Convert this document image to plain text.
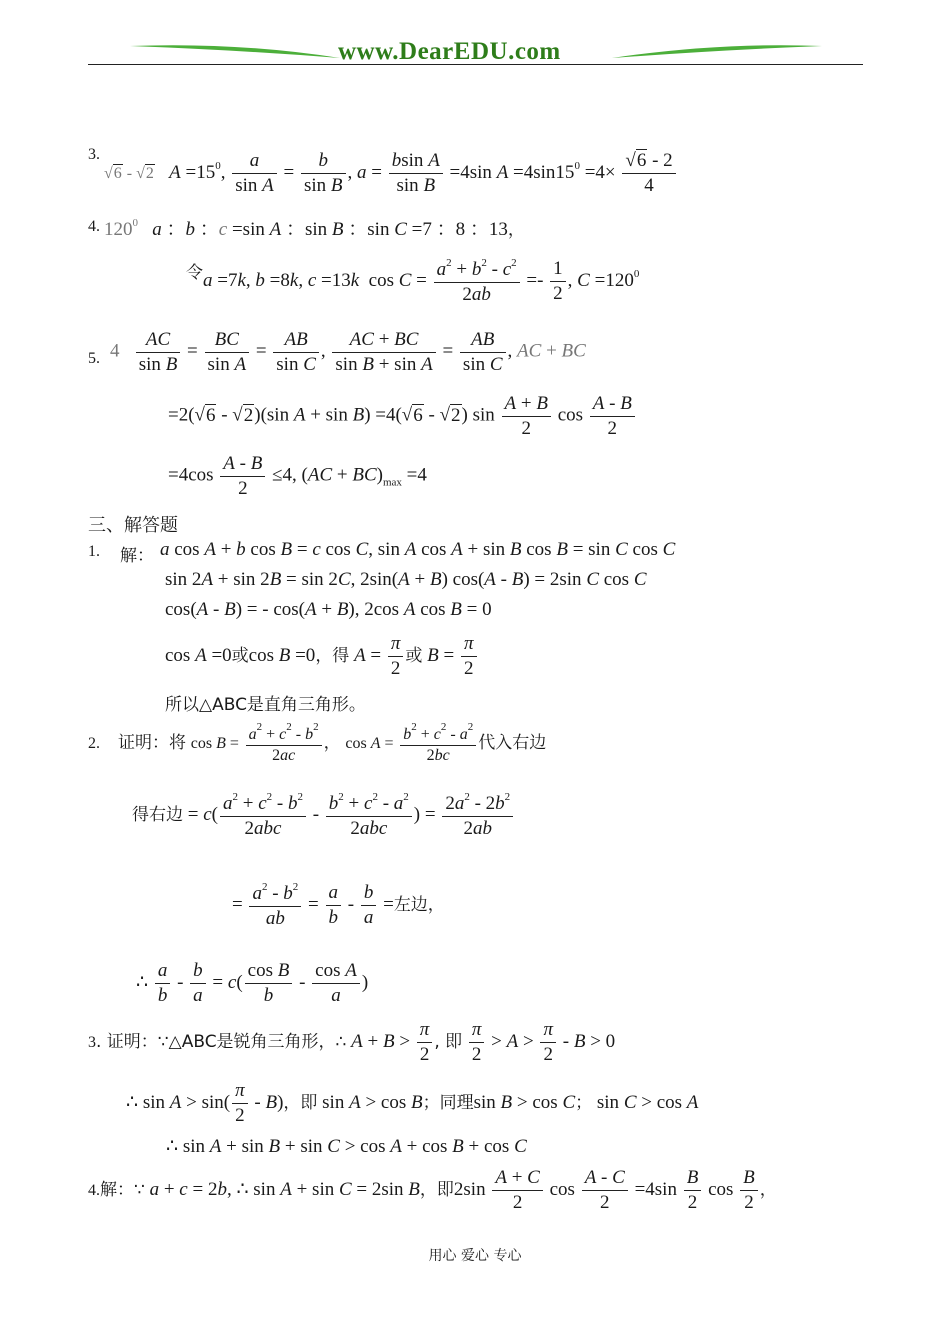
www.DearEDU.com
3.
√6 - √2 $A =15^0$, $\frac{a}{\text{sin A}} = \frac{b}{\text{sin B}}$ , $a = \frac{\text{bsin A}}{\text{sin B}} =4\sin$ $A =4\sin 15^0 =4\times \frac{√6 - 2}{4}$
4. $120^0$ a ：b ：c =sin A ：sin B ：sin C =7 ：8 ：13，
令 a =7k, b =8k, c =13k  $\cos C = \frac{a^2 + b^2 - c^2}{2ab} =- \frac{1}{2}$ , $C =120^0$
5. $4 \frac{AC}{\text{sin B}} = \frac{BC}{\text{sin A}} = \frac{AB}{\text{sin C}}$ , $\frac{AC + BC}{\text{sin B + sin A}} = \frac{AB}{\text{sin C}}$ , AC + BC
=2(√6 - √2)(sin A + sin B) =4(√6 - √2) $\sin \frac{A + B}{2}$ $\cos \frac{A - B}{2}$
$=4\cos \frac{A - B}{2} \le 4$, $(AC + BC)_{max} =4$
三、解答题
1. 解： a cos A + b cos B = c cos C, sin A cos A + sin B cos B = sin C cos C
sin 2A + sin 2B = sin 2C, 2sin(A + B) cos(A - B) = 2sin C cos C
cos(A - B) = - cos(A + B), 2cos A cos B = 0
cos A =0或cos B =0，得 $A = \frac{\pi}{2}$ 或 $B = \frac{\pi}{2}$
所以△ABC是直角三角形。
2. 证明：将 $\cos B = \frac{a^2 + c^2 - b^2}{2ac}$ ， $\cos A = \frac{b^2 + c^2 - a^2}{2bc}$ 代入右边
得右边 = c(
$a^2 + c^2 - b^2$
2abc
-
$b^2 + c^2 - a^2$
2abc
) = $\frac{2a^2 - 2b^2}{2ab}$
= $\frac{a^2 - b^2}{ab} = \frac{a}{b} - \frac{b}{a}$ =左边，
∴ $\frac{a}{b} - \frac{b}{a} = c( \frac{\text{cos B}}{b} - \frac{\text{cos A}}{a}$ )
3. 证明：∵△ABC是锐角三角形，∴ $A + B > \frac{\pi}{2}$ , 即 $\frac{\pi}{2} > A > \frac{\pi}{2} - B > 0$
∴ $\sin A > \sin( \frac{\pi}{2} - B)$，即 sin A > cos B；同理sin B > cos C； sin C > cos A
∴ sin A + sin B + sin C > cos A + cos B + cos C
4.解：∵ a + c = 2b, ∴ sin A + sin C = 2sin B，即$2\sin \frac{A + C}{2}$ $\cos \frac{A - C}{2} =4\sin \frac{B}{2}$ $\cos \frac{B}{2}$ ，
用心 爱心 专心
